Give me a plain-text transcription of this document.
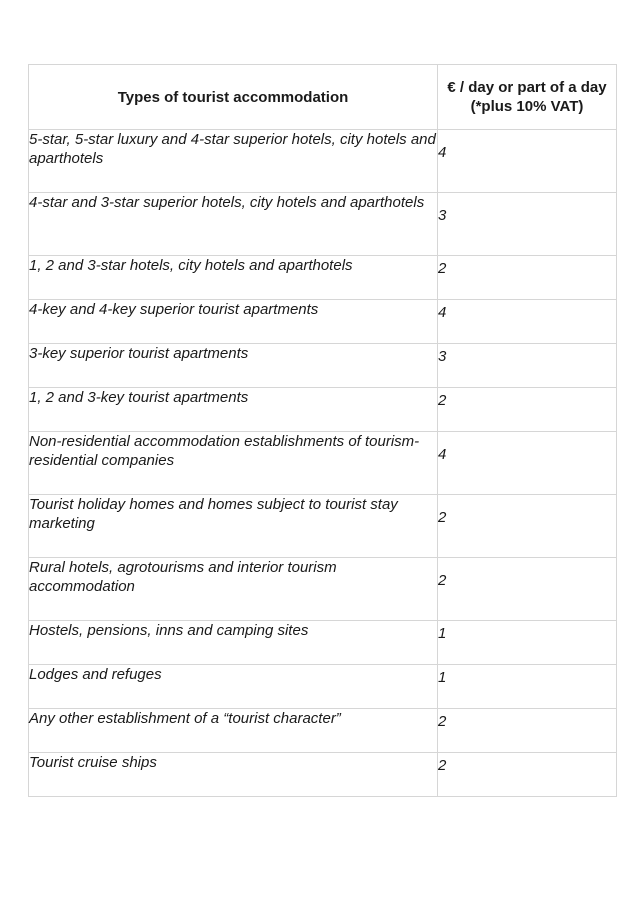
Types of tourist accommodation	€ / day or part of a day (*plus 10% VAT)
5-star, 5-star luxury and 4-star superior hotels, city hotels and aparthotels	4
4-star and 3-star superior hotels, city hotels and aparthotels	3
1, 2 and 3-star hotels, city hotels and aparthotels	2
4-key and 4-key superior tourist apartments	4
3-key superior tourist apartments	3
1, 2 and 3-key tourist apartments	2
Non-residential accommodation establishments of tourism-residential companies	4
Tourist holiday homes and homes subject to tourist stay marketing	2
Rural hotels, agrotourisms and interior tourism accommodation	2
Hostels, pensions, inns and camping sites	1
Lodges and refuges	1
Any other establishment of a “tourist character”	2
Tourist cruise ships	2
